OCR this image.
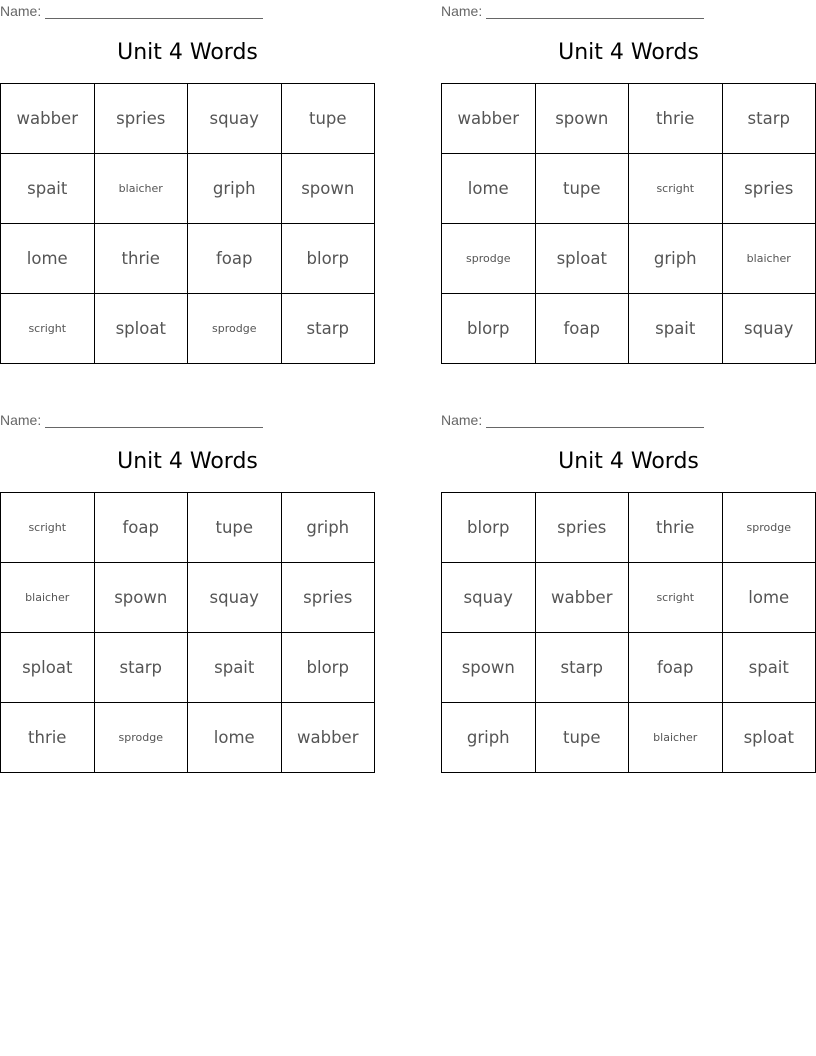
Name:
Unit 4 Words
wabber	spries	squay	tupe
spait	blaicher	griph	spown
lome	thrie	foap	blorp
scright	sploat	sprodge	starp
Name:
Unit 4 Words
wabber	spown	thrie	starp
lome	tupe	scright	spries
sprodge	sploat	griph	blaicher
blorp	foap	spait	squay
Name:
Unit 4 Words
scright	foap	tupe	griph
blaicher	spown	squay	spries
sploat	starp	spait	blorp
thrie	sprodge	lome	wabber
Name:
Unit 4 Words
blorp	spries	thrie	sprodge
squay	wabber	scright	lome
spown	starp	foap	spait
griph	tupe	blaicher	sploat
